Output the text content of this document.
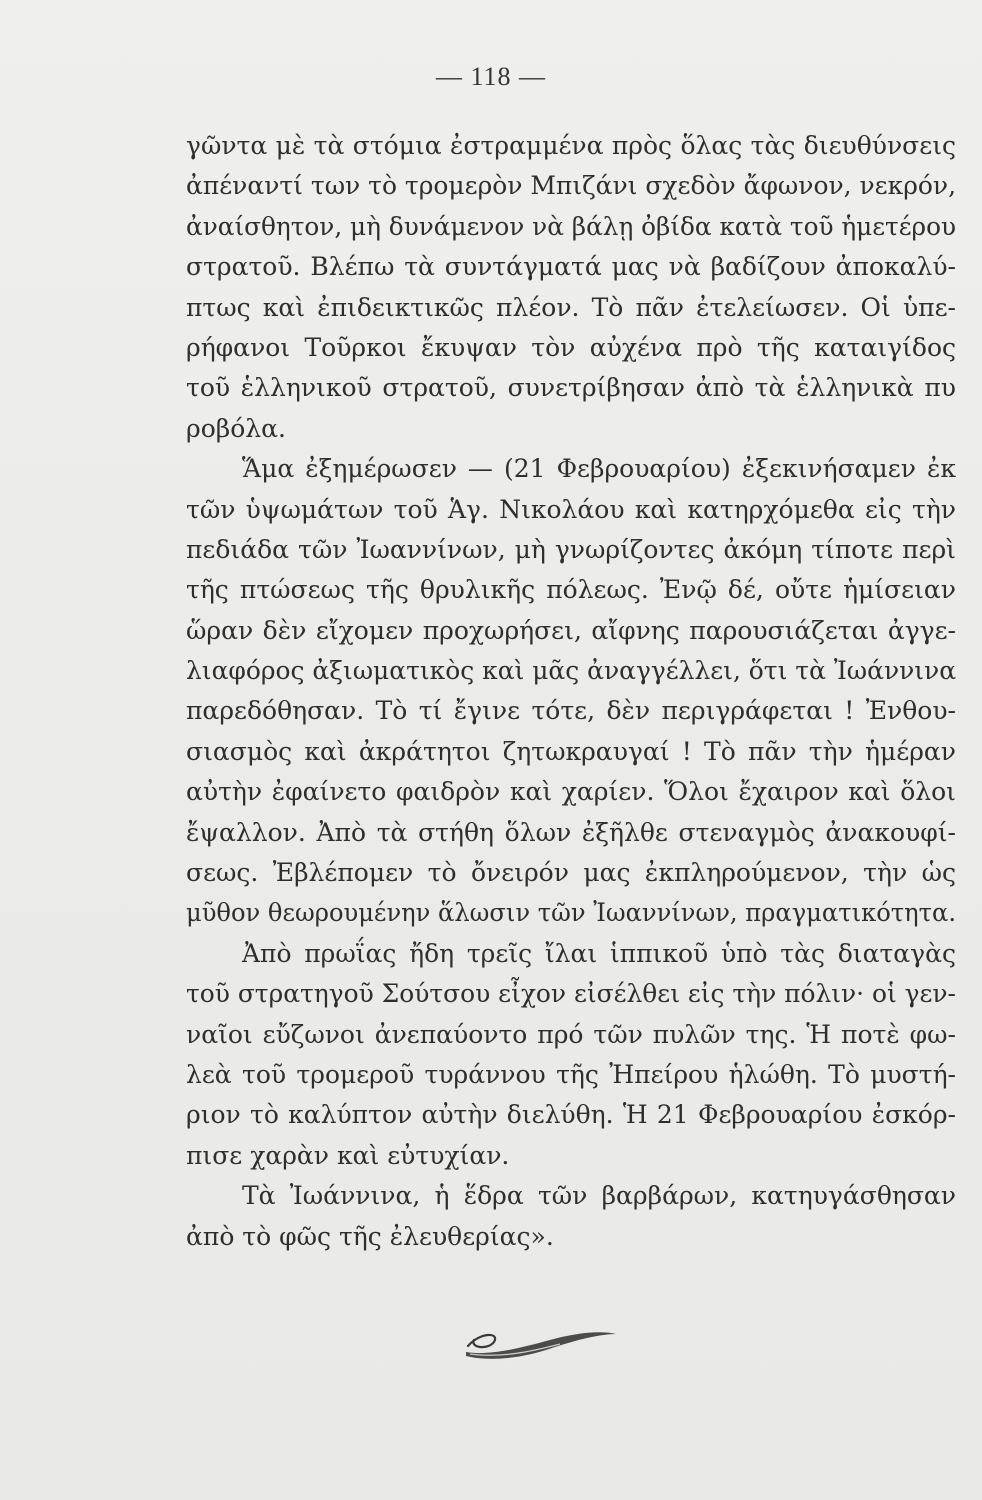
— 118 —
γῶντα μὲ τὰ στόμια ἐστραμμένα πρὸς ὅλας τὰς διευθύνσεις
ἀπέναντί των τὸ τρομερὸν Μπιζάνι σχεδὸν ἄφωνον, νεκρόν,
ἀναίσθητον, μὴ δυνάμενον νὰ βάλῃ ὀβίδα κατὰ τοῦ ἡμετέρου
στρατοῦ. Βλέπω τὰ συντάγματά μας νὰ βαδίζουν ἀποκαλύ-
πτως καὶ ἐπιδεικτικῶς πλέον. Τὸ πᾶν ἐτελείωσεν. Οἱ ὑπε-
ρήφανοι Τοῦρκοι ἔκυψαν τὸν αὐχένα πρὸ τῆς καταιγίδος
τοῦ ἑλληνικοῦ στρατοῦ, συνετρίβησαν ἀπὸ τὰ ἑλληνικὰ πυ
ροβόλα.
Ἅμα ἐξημέρωσεν — (21 Φεβρουαρίου) ἐξεκινήσαμεν ἐκ
τῶν ὑψωμάτων τοῦ Ἁγ. Νικολάου καὶ κατηρχόμεθα εἰς τὴν
πεδιάδα τῶν Ἰωαννίνων, μὴ γνωρίζοντες ἀκόμη τίποτε περὶ
τῆς πτώσεως τῆς θρυλικῆς πόλεως. Ἐνῷ δέ, οὔτε ἡμίσειαν
ὥραν δὲν εἴχομεν προχωρήσει, αἴφνης παρουσιάζεται ἀγγε-
λιαφόρος ἀξιωματικὸς καὶ μᾶς ἀναγγέλλει, ὅτι τὰ Ἰωάννινα
παρεδόθησαν. Τὸ τί ἔγινε τότε, δὲν περιγράφεται ! Ἐνθου-
σιασμὸς καὶ ἀκράτητοι ζητωκραυγαί ! Τὸ πᾶν τὴν ἡμέραν
αὐτὴν ἐφαίνετο φαιδρὸν καὶ χαρίεν. Ὅλοι ἔχαιρον καὶ ὅλοι
ἔψαλλον. Ἀπὸ τὰ στήθη ὅλων ἐξῆλθε στεναγμὸς ἀνακουφί-
σεως. Ἐβλέπομεν τὸ ὄνειρόν μας ἐκπληρούμενον, τὴν ὡς
μῦθον θεωρουμένην ἅλωσιν τῶν Ἰωαννίνων, πραγματικότητα.
Ἀπὸ πρωΐας ἤδη τρεῖς ἴλαι ἱππικοῦ ὑπὸ τὰς διαταγὰς
τοῦ στρατηγοῦ Σούτσου εἶχον εἰσέλθει εἰς τὴν πόλιν· οἱ γεν-
ναῖοι εὔζωνοι ἀνεπαύοντο πρό τῶν πυλῶν της. Ἡ ποτὲ φω-
λεὰ τοῦ τρομεροῦ τυράννου τῆς Ἠπείρου ἡλώθη. Τὸ μυστή-
ριον τὸ καλύπτον αὐτὴν διελύθη. Ἡ 21 Φεβρουαρίου ἐσκόρ-
πισε χαρὰν καὶ εὐτυχίαν.
Τὰ Ἰωάννινα, ἡ ἕδρα τῶν βαρβάρων, κατηυγάσθησαν
ἀπὸ τὸ φῶς τῆς ἐλευθερίας».
